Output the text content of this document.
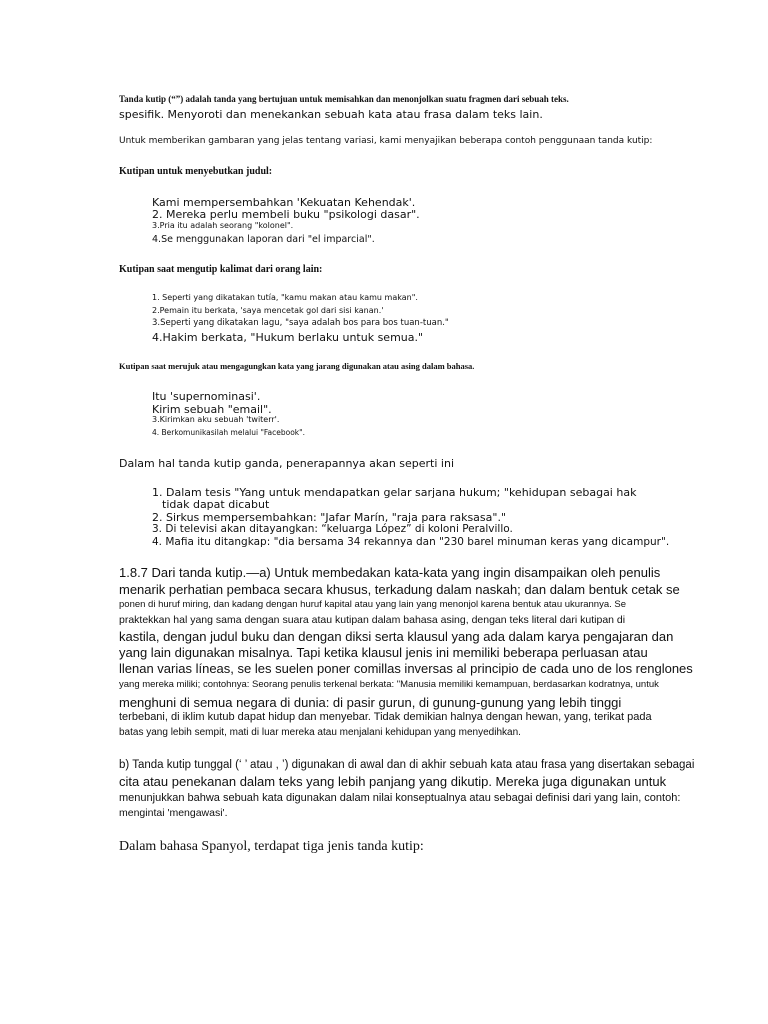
Tanda kutip (“”) adalah tanda yang bertujuan untuk memisahkan dan menonjolkan suatu fragmen dari sebuah teks.
spesifik. Menyoroti dan menekankan sebuah kata atau frasa dalam teks lain.
Untuk memberikan gambaran yang jelas tentang variasi, kami menyajikan beberapa contoh penggunaan tanda kutip:
Kutipan untuk menyebutkan judul:
Kami mempersembahkan 'Kekuatan Kehendak'.
2. Mereka perlu membeli buku "psikologi dasar".
3.Pria itu adalah seorang "kolonel".
4.Se menggunakan laporan dari "el imparcial".
Kutipan saat mengutip kalimat dari orang lain:
1. Seperti yang dikatakan tutía, "kamu makan atau kamu makan".
2.Pemain itu berkata, 'saya mencetak gol dari sisi kanan.'
3.Seperti yang dikatakan lagu, "saya adalah bos para bos tuan-tuan."
4.Hakim berkata, "Hukum berlaku untuk semua."
Kutipan saat merujuk atau mengagungkan kata yang jarang digunakan atau asing dalam bahasa.
Itu 'supernominasi'.
Kirim sebuah "email".
3.Kirimkan aku sebuah 'twiterr'.
4. Berkomunikasilah melalui "Facebook".
Dalam hal tanda kutip ganda, penerapannya akan seperti ini
1. Dalam tesis "Yang untuk mendapatkan gelar sarjana hukum; "kehidupan sebagai hak
tidak dapat dicabut
2. Sirkus mempersembahkan: "Jafar Marín, "raja para raksasa"."
3. Di televisi akan ditayangkan: “keluarga López” di koloni Peralvillo.
4. Mafia itu ditangkap: "dia bersama 34 rekannya dan "230 barel minuman keras yang dicampur".
1.8.7 Dari tanda kutip.—a) Untuk membedakan kata-kata yang ingin disampaikan oleh penulis
menarik perhatian pembaca secara khusus, terkadung dalam naskah; dan dalam bentuk cetak se
ponen di huruf miring, dan kadang dengan huruf kapital atau yang lain yang menonjol karena bentuk atau ukurannya. Se
praktekkan hal yang sama dengan suara atau kutipan dalam bahasa asing, dengan teks literal dari kutipan di
kastila, dengan judul buku dan dengan diksi serta klausul yang ada dalam karya pengajaran dan
yang lain digunakan misalnya. Tapi ketika klausul jenis ini memiliki beberapa perluasan atau
llenan varias líneas, se les suelen poner comillas inversas al principio de cada uno de los renglones
yang mereka miliki; contohnya: Seorang penulis terkenal berkata: "Manusia memiliki kemampuan, berdasarkan kodratnya, untuk
menghuni di semua negara di dunia: di pasir gurun, di gunung-gunung yang lebih tinggi
terbebani, di iklim kutub dapat hidup dan menyebar. Tidak demikian halnya dengan hewan, yang, terikat pada
batas yang lebih sempit, mati di luar mereka atau menjalani kehidupan yang menyedihkan.
b) Tanda kutip tunggal (‘ ’ atau , ’) digunakan di awal dan di akhir sebuah kata atau frasa yang disertakan sebagai
cita atau penekanan dalam teks yang lebih panjang yang dikutip. Mereka juga digunakan untuk
menunjukkan bahwa sebuah kata digunakan dalam nilai konseptualnya atau sebagai definisi dari yang lain, contoh:
mengintai 'mengawasi'.
Dalam bahasa Spanyol, terdapat tiga jenis tanda kutip:
